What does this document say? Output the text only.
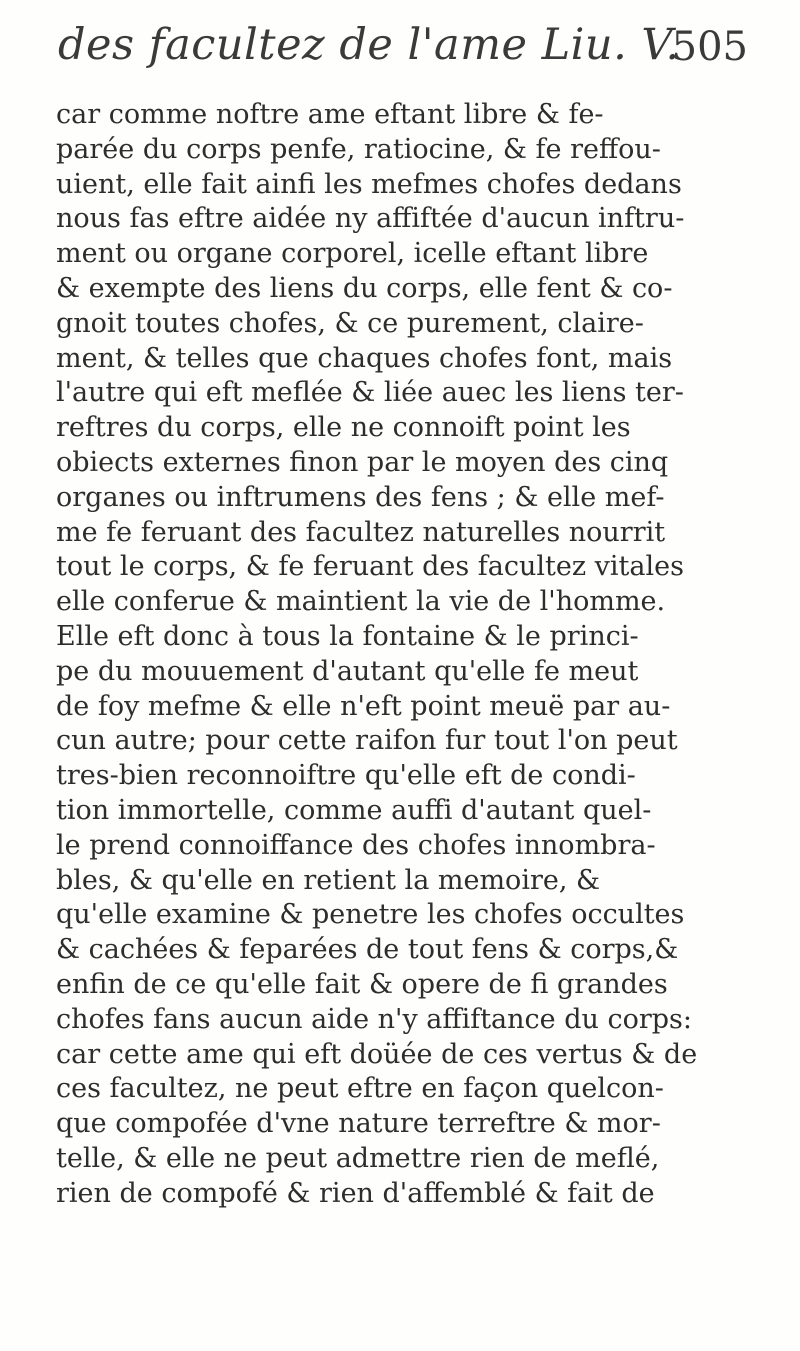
des facultez de l'ame Liu. V.
505
car comme noftre ame eftant libre & fe-
parée du corps penfe, ratiocine, & fe reffou-
uient, elle fait ainfi les mefmes chofes dedans
nous fas eftre aidée ny affiftée d'aucun inftru-
ment ou organe corporel, icelle eftant libre
& exempte des liens du corps, elle fent & co-
gnoit toutes chofes, & ce purement, claire-
ment, & telles que chaques chofes font, mais
l'autre qui eft meflée & liée auec les liens ter-
reftres du corps, elle ne connoift point les
obiects externes finon par le moyen des cinq
organes ou inftrumens des fens ; & elle mef-
me fe feruant des facultez naturelles nourrit
tout le corps, & fe feruant des facultez vitales
elle conferue & maintient la vie de l'homme.
Elle eft donc à tous la fontaine & le princi-
pe du mouuement d'autant qu'elle fe meut
de foy mefme & elle n'eft point meuë par au-
cun autre; pour cette raifon fur tout l'on peut
tres-bien reconnoiftre qu'elle eft de condi-
tion immortelle, comme auffi d'autant quel-
le prend connoiffance des chofes innombra-
bles, & qu'elle en retient la memoire, &
qu'elle examine & penetre les chofes occultes
& cachées & feparées de tout fens & corps,&
enfin de ce qu'elle fait & opere de fi grandes
chofes fans aucun aide n'y affiftance du corps:
car cette ame qui eft doüée de ces vertus & de
ces facultez, ne peut eftre en façon quelcon-
que compofée d'vne nature terreftre & mor-
telle, & elle ne peut admettre rien de meflé,
rien de compofé & rien d'affemblé & fait de
